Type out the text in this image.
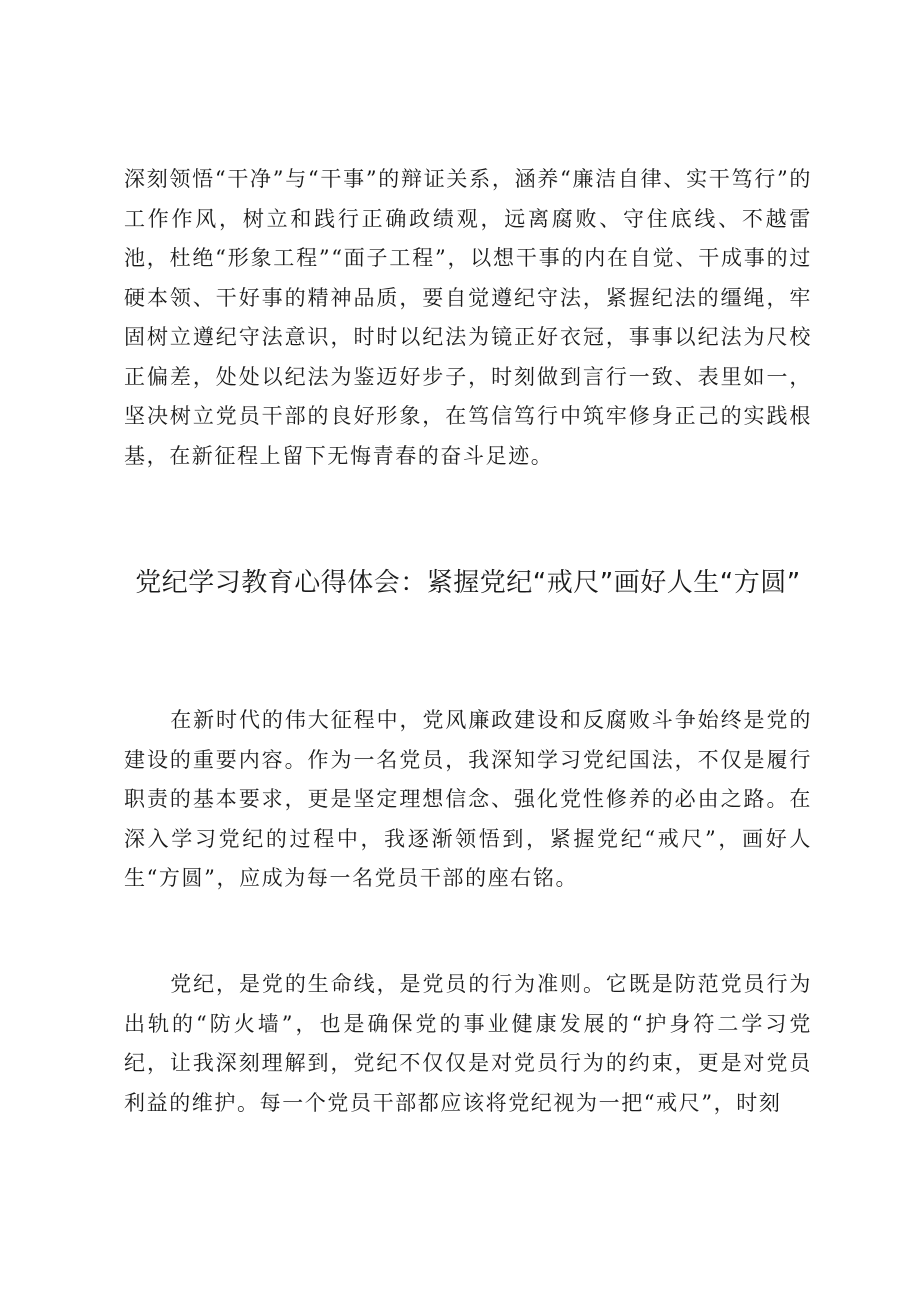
深刻领悟“干净”与“干事”的辩证关系，涵养“廉洁自律、实干笃行”的工作作风，树立和践行正确政绩观，远离腐败、守住底线、不越雷池，杜绝“形象工程”“面子工程”，以想干事的内在自觉、干成事的过硬本领、干好事的精神品质，要自觉遵纪守法，紧握纪法的缰绳，牢固树立遵纪守法意识，时时以纪法为镜正好衣冠，事事以纪法为尺校正偏差，处处以纪法为鉴迈好步子，时刻做到言行一致、表里如一，坚决树立党员干部的良好形象，在笃信笃行中筑牢修身正己的实践根基，在新征程上留下无悔青春的奋斗足迹。

党纪学习教育心得体会：紧握党纪“戒尺”画好人生“方圆”

在新时代的伟大征程中，党风廉政建设和反腐败斗争始终是党的建设的重要内容。作为一名党员，我深知学习党纪国法，不仅是履行职责的基本要求，更是坚定理想信念、强化党性修养的必由之路。在深入学习党纪的过程中，我逐渐领悟到，紧握党纪“戒尺”，画好人生“方圆”，应成为每一名党员干部的座右铭。

党纪，是党的生命线，是党员的行为准则。它既是防范党员行为出轨的“防火墙”，也是确保党的事业健康发展的“护身符二学习党纪，让我深刻理解到，党纪不仅仅是对党员行为的约束，更是对党员利益的维护。每一个党员干部都应该将党纪视为一把“戒尺”，时刻
